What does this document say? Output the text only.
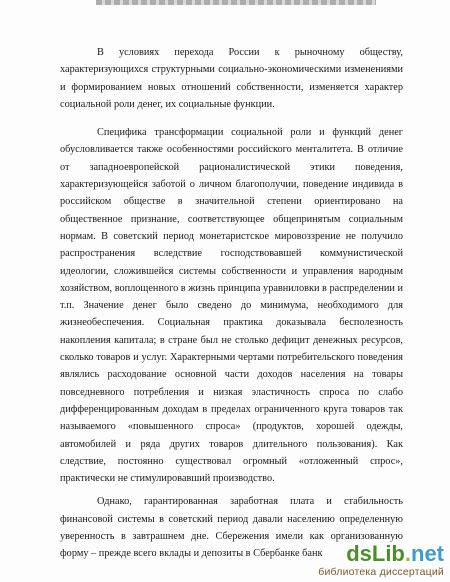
В условиях перехода России к рыночному обществу, характеризующихся структурными социально-экономическими изменениями и формированием новых отношений собственности, изменяется характер социальной роли денег, их социальные функции.

Специфика трансформации социальной роли и функций денег обусловливается также особенностями российского менталитета. В отличие от западноевропейской рационалистической этики поведения, характеризующейся заботой о личном благополучии, поведение индивида в российском обществе в значительной степени ориентировано на общественное признание, соответствующее общепринятым социальным нормам. В советский период монетаристское мировоззрение не получило распространения вследствие господствовавшей коммунистической идеологии, сложившейся системы собственности и управления народным хозяйством, воплощенного в жизнь принципа уравниловки в распределении и т.п. Значение денег было сведено до минимума, необходимого для жизнеобеспечения. Социальная практика доказывала бесполезность накопления капитала; в стране был не столько дефицит денежных ресурсов, сколько товаров и услуг. Характерными чертами потребительского поведения являлись расходование основной части доходов населения на товары повседневного потребления и низкая эластичность спроса по слабо дифференцированным доходам в пределах ограниченного круга товаров так называемого «повышенного спроса» (продуктов, хорошей одежды, автомобилей и ряда других товаров длительного пользования). Как следствие, постоянно существовал огромный «отложенный спрос», практически не стимулировавший производство.

Однако, гарантированная заработная плата и стабильность финансовой системы в советский период давали населению определенную уверенность в завтрашнем дне. Сбережения имели как организованную форму – прежде всего вклады и депозиты в Сбербанке банк	dsLib.net
библиотека диссертаций
